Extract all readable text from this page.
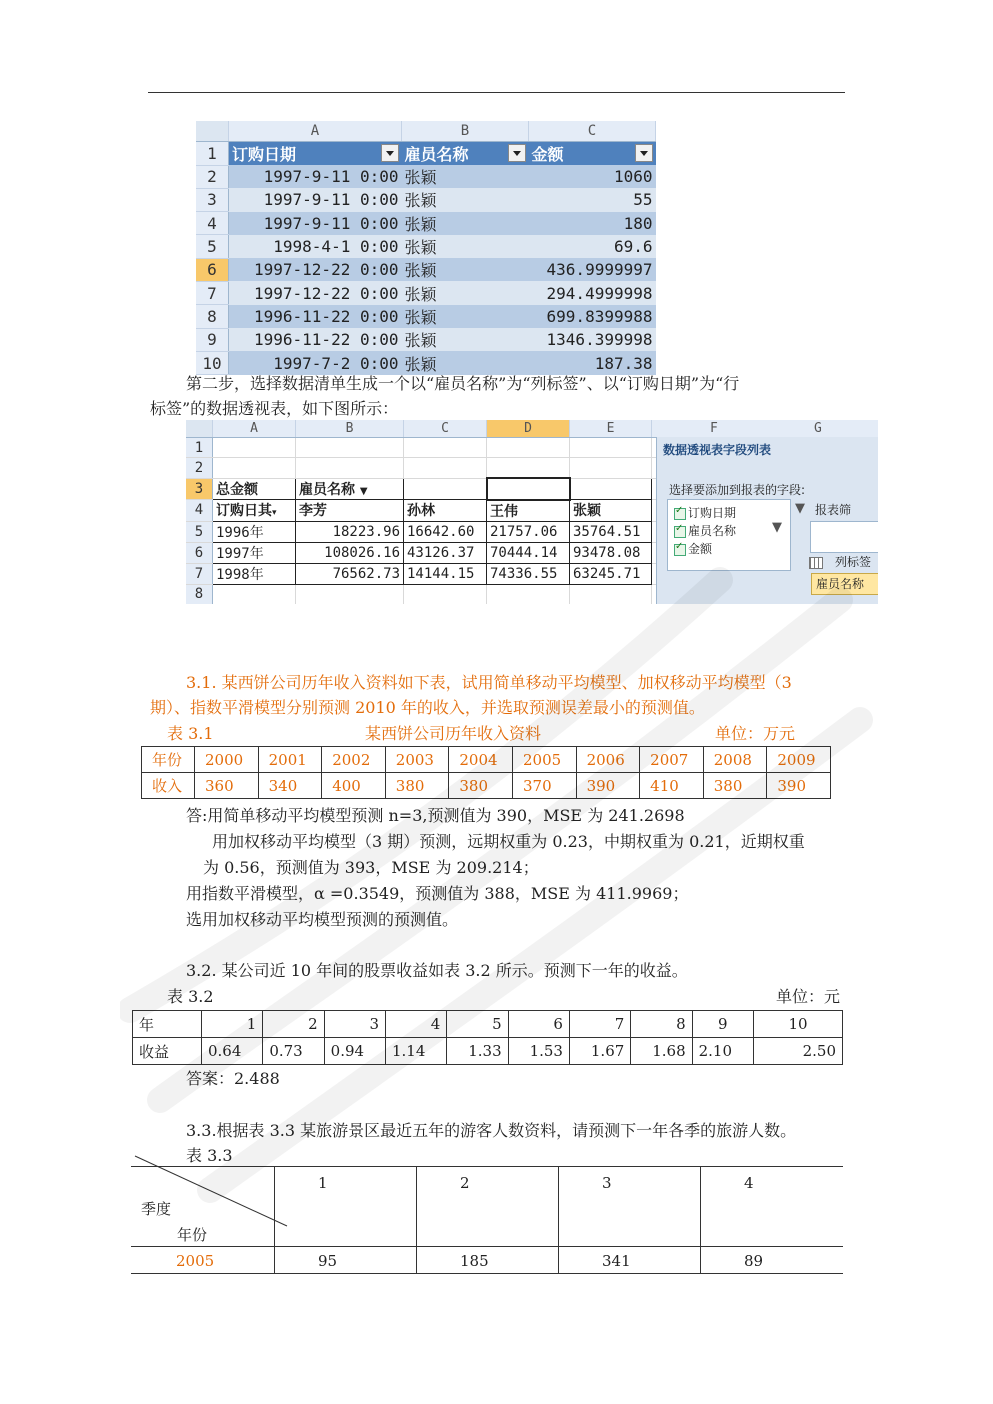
	A	B	C
1	订购日期	雇员名称	金额

2	1997-9-11 0:00	张颖	1060
3	1997-9-11 0:00	张颖	55
4	1997-9-11 0:00	张颖	180
5	1998-4-1 0:00	张颖	69.6
6	1997-12-22 0:00	张颖	436.9999997
7	1997-12-22 0:00	张颖	294.4999998
8	1996-11-22 0:00	张颖	699.8399988
9	1996-11-22 0:00	张颖	1346.399998
10	1997-7-2 0:00	张颖	187.38
第二步，选择数据清单生成一个以“雇员名称”为“列标签”、以“订购日期”为“行
标签”的数据透视表，如下图所示：
	A	B	C	D	E	
1						
2						
3	总金额	雇员名称 ▼				
4	订购日其▾	李芳	孙林	王伟	张颖	
5	1996年	18223.96	16642.60	21757.06	35764.51	
6	1997年	108026.16	43126.37	70444.14	93478.08	
7	1998年	76562.73	14144.15	74336.55	63245.71	
8						
F	G
数据透视表字段列表
选择要添加到报表的字段:
✓订购日期
✓雇员名称
✓金额
▼
▼ 报表筛
列标签
雇员名称
3.1. 某西饼公司历年收入资料如下表，试用简单移动平均模型、加权移动平均模型（3
期）、指数平滑模型分别预测 2010 年的收入，并选取预测误差最小的预测值。
表 3.1	某西饼公司历年收入资料	单位：万元
年份	2000	2001	2002	2003	2004	2005	2006	2007	2008	2009
收入	360	340	400	380	380	370	390	410	380	390
答:用简单移动平均模型预测 n=3,预测值为 390，MSE 为 241.2698
用加权移动平均模型（3 期）预测，远期权重为 0.23，中期权重为 0.21，近期权重
为 0.56，预测值为 393，MSE 为 209.214；
用指数平滑模型，α =0.3549，预测值为 388，MSE 为 411.9969；
选用加权移动平均模型预测的预测值。
3.2. 某公司近 10 年间的股票收益如表 3.2 所示。预测下一年的收益。
表 3.2	单位：元
年	1	2	3	4	5	6	7	8	9	10
收益	0.64	0.73	0.94	1.14	1.33	1.53	1.67	1.68	2.10	2.50
答案：2.488
3.3.根据表 3.3 某旅游景区最近五年的游客人数资料，请预测下一年各季的旅游人数。
表 3.3
季度
年份
1	2	3	4
2005	95	185	341	89
